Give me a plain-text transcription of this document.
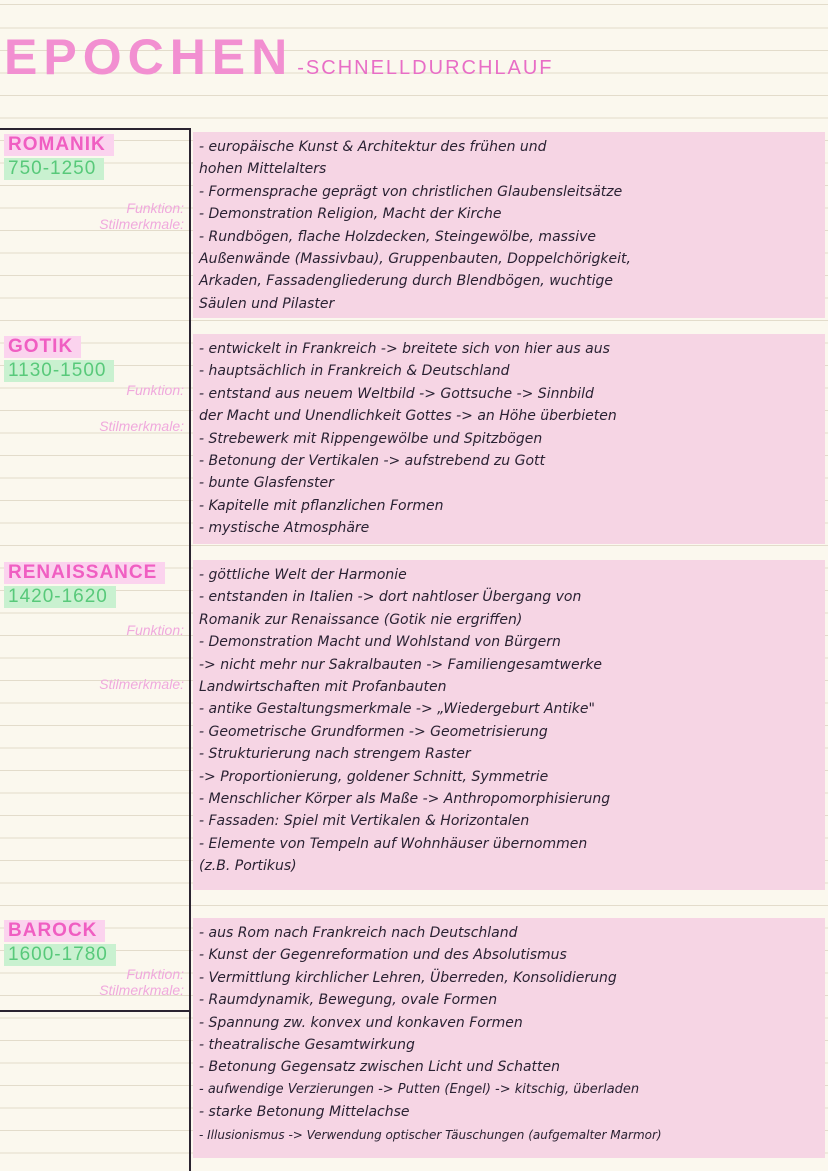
EPOCHEN -SCHNELLDURCHLAUF
ROMANIK
750-1250
Funktion:
Stilmerkmale:
- europäische Kunst & Architektur des frühen und
hohen Mittelalters
- Formensprache geprägt von christlichen Glaubensleitsätze
- Demonstration Religion, Macht der Kirche
- Rundbögen, flache Holzdecken, Steingewölbe, massive
Außenwände (Massivbau), Gruppenbauten, Doppelchörigkeit,
Arkaden, Fassadengliederung durch Blendbögen, wuchtige
Säulen und Pilaster
GOTIK
1130-1500
Funktion:
Stilmerkmale:
- entwickelt in Frankreich -> breitete sich von hier aus aus
- hauptsächlich in Frankreich & Deutschland
- entstand aus neuem Weltbild -> Gottsuche -> Sinnbild
der Macht und Unendlichkeit Gottes -> an Höhe überbieten
- Strebewerk mit Rippengewölbe und Spitzbögen
- Betonung der Vertikalen -> aufstrebend zu Gott
- bunte Glasfenster
- Kapitelle mit pflanzlichen Formen
- mystische Atmosphäre
RENAISSANCE
1420-1620
Funktion:
Stilmerkmale:
- göttliche Welt der Harmonie
- entstanden in Italien -> dort nahtloser Übergang von
Romanik zur Renaissance (Gotik nie ergriffen)
- Demonstration Macht und Wohlstand von Bürgern
-> nicht mehr nur Sakralbauten -> Familiengesamtwerke
Landwirtschaften mit Profanbauten
- antike Gestaltungsmerkmale -> „Wiedergeburt Antike"
- Geometrische Grundformen -> Geometrisierung
- Strukturierung nach strengem Raster
-> Proportionierung, goldener Schnitt, Symmetrie
- Menschlicher Körper als Maße -> Anthropomorphisierung
- Fassaden: Spiel mit Vertikalen & Horizontalen
- Elemente von Tempeln auf Wohnhäuser übernommen
(z.B. Portikus)
BAROCK
1600-1780
Funktion:
Stilmerkmale:
- aus Rom nach Frankreich nach Deutschland
- Kunst der Gegenreformation und des Absolutismus
- Vermittlung kirchlicher Lehren, Überreden, Konsolidierung
- Raumdynamik, Bewegung, ovale Formen
- Spannung zw. konvex und konkaven Formen
- theatralische Gesamtwirkung
- Betonung Gegensatz zwischen Licht und Schatten
- aufwendige Verzierungen -> Putten (Engel) -> kitschig, überladen
- starke Betonung Mittelachse
- Illusionismus -> Verwendung optischer Täuschungen (aufgemalter Marmor)
